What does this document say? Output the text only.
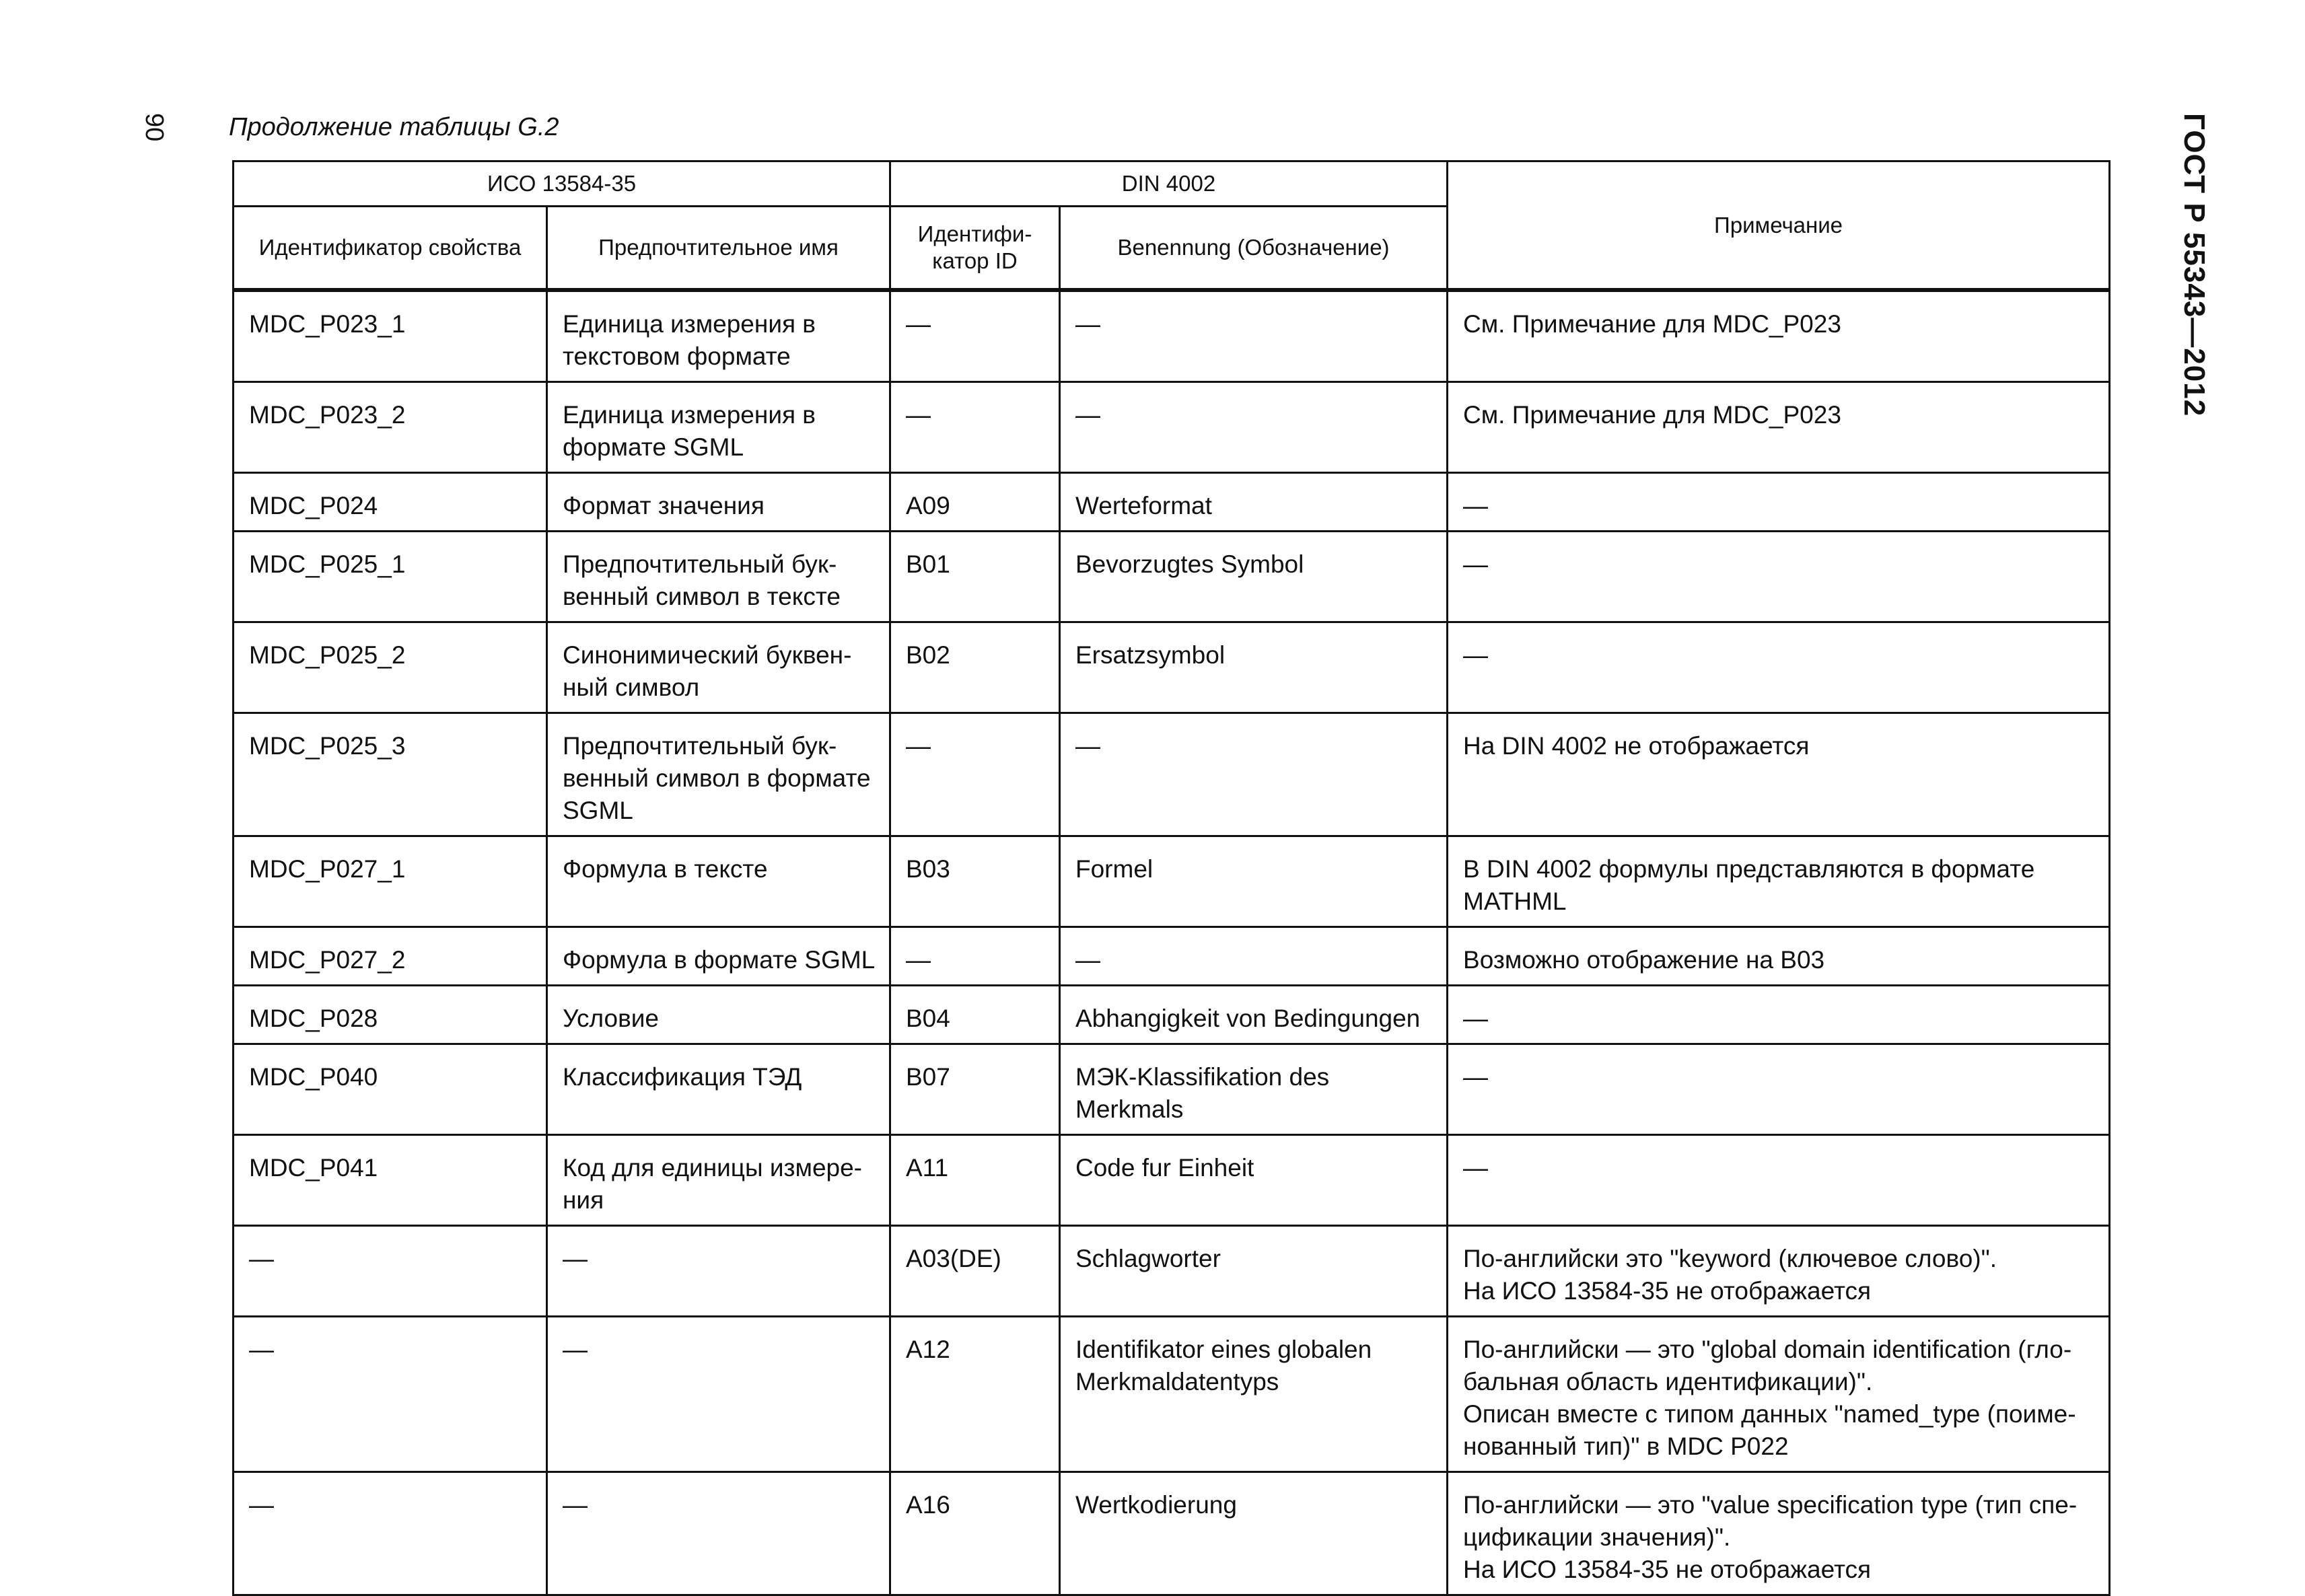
90 Продолжение таблицы G.2	ГОСТ Р 55343—2012
ИСО 13584-35		DIN 4002		Примечание
Идентификатор свойства	Предпочтительное имя	Идентифи-катор ID	Benennung (Обозначение)	

MDC_P023_1	Единица измерения в текстовом формате	—	—	См. Примечание для MDC_P023

MDC_P023_2	Единица измерения в формате SGML	—	—	См. Примечание для MDC_P023

MDC_P024	Формат значения	A09	Werteformat	—

MDC_P025_1	Предпочтительный бук-венный символ в тексте	B01	Bevorzugtes Symbol	—

MDC_P025_2	Синонимический буквен-ный символ	B02	Ersatzsymbol	—

MDC_P025_3	Предпочтительный бук-венный символ в формате SGML	—	—	На DIN 4002 не отображается

MDC_P027_1	Формула в тексте	B03	Formel	В DIN 4002 формулы представляются в формате MATHML

MDC_P027_2	Формула в формате SGML	—	—	Возможно отображение на B03

MDC_P028	Условие	B04	Abhangigkeit von Bedingungen	—

MDC_P040	Классификация ТЭД	B07	МЭК-Klassifikation des Merkmals	—

MDC_P041	Код для единицы измере-ния	A11	Code fur Einheit	—

—	—	A03(DE)	Schlagworter	По-английски это "keyword (ключевое слово)".
На ИСО 13584-35 не отображается

—	—	A12	Identifikator eines globalen Merkmaldatentyps	По-английски — это "global domain identification (гло-бальная область идентификации)".
Описан вместе с типом данных "named_type (поиме-нованный тип)" в MDC P022

—	—	A16	Wertkodierung	По-английски — это "value specification type (тип спе-цификации значения)".
На ИСО 13584-35 не отображается
